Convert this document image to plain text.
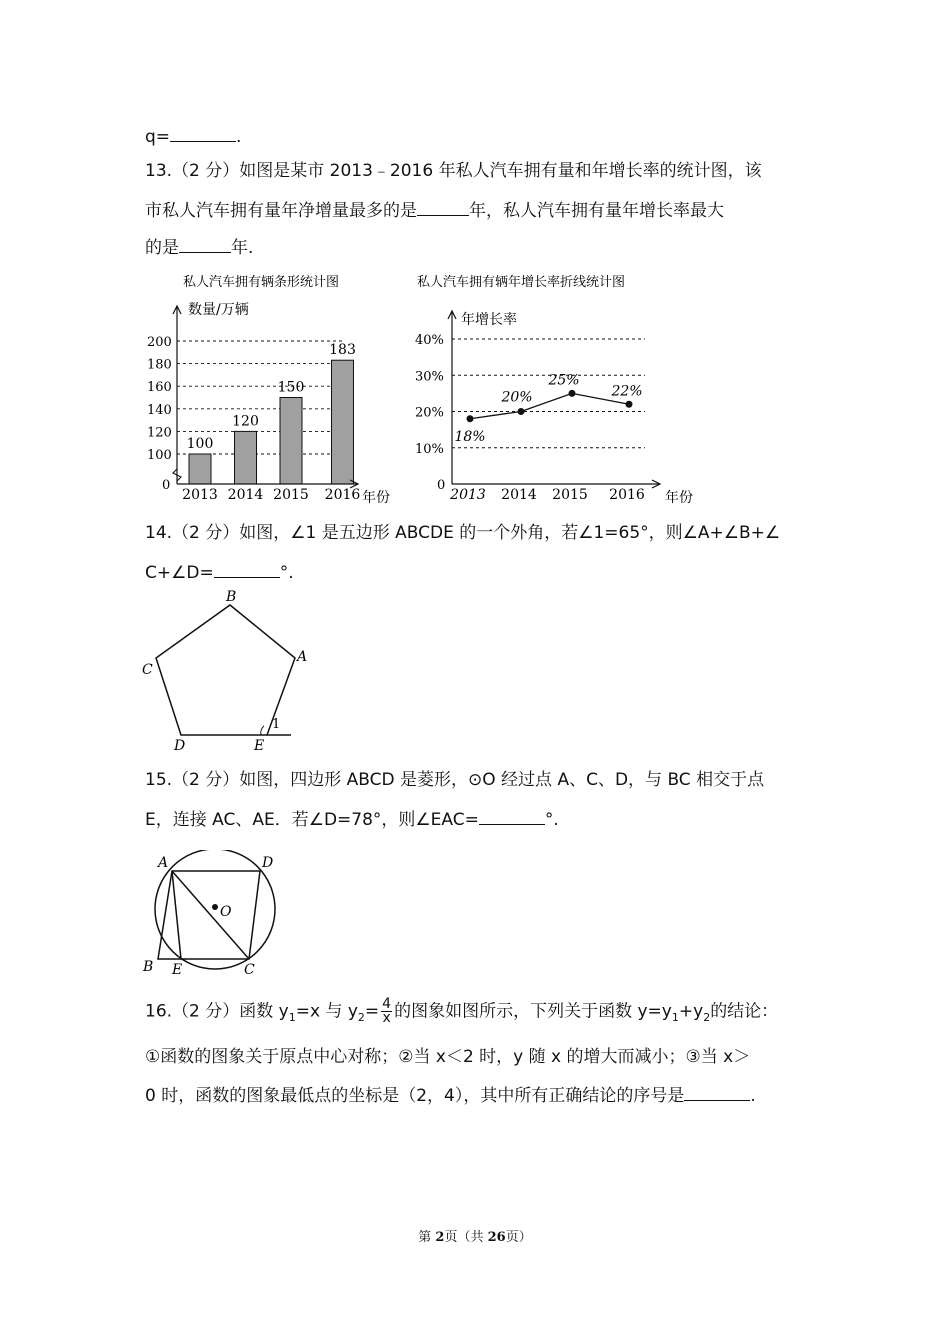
q=	.
13.（2 分）如图是某市 2013﹣2016 年私人汽车拥有量和年增长率的统计图，该
市私人汽车拥有量年净增量最多的是	年，私人汽车拥有量年增长率最大
的是	年.
私人汽车拥有辆条形统计图
数量/万辆
0
100
120
140
160
180
200
100
2013
120
2014
150
2015
183
2016 年份
私人汽车拥有辆年增长率折线统计图
年增长率
0
10%
20%
30%
40%
18%
2013
20%
2014
25%
2015
22%
2016 年份
14.（2 分）如图，∠1 是五边形 ABCDE 的一个外角，若∠1=65°，则∠A+∠B+∠
C+∠D=	°.
B
A
C
D	E
1
15.（2 分）如图，四边形 ABCD 是菱形，⊙O 经过点 A、C、D，与 BC 相交于点
E，连接 AC、AE．若∠D=78°，则∠EAC=	°.
A	D
O
B E	C
16.（2 分）函数 $y_1=x$ 与 $y_2= \frac{4}{x}$ 的图象如图所示，下列关于函数 $y=y_1+y_2$的结论：
①函数的图象关于原点中心对称；②当 x＜2 时，y 随 x 的增大而减小；③当 x＞
0 时，函数的图象最低点的坐标是（2，4），其中所有正确结论的序号是	.
第 2页（共 26页）
